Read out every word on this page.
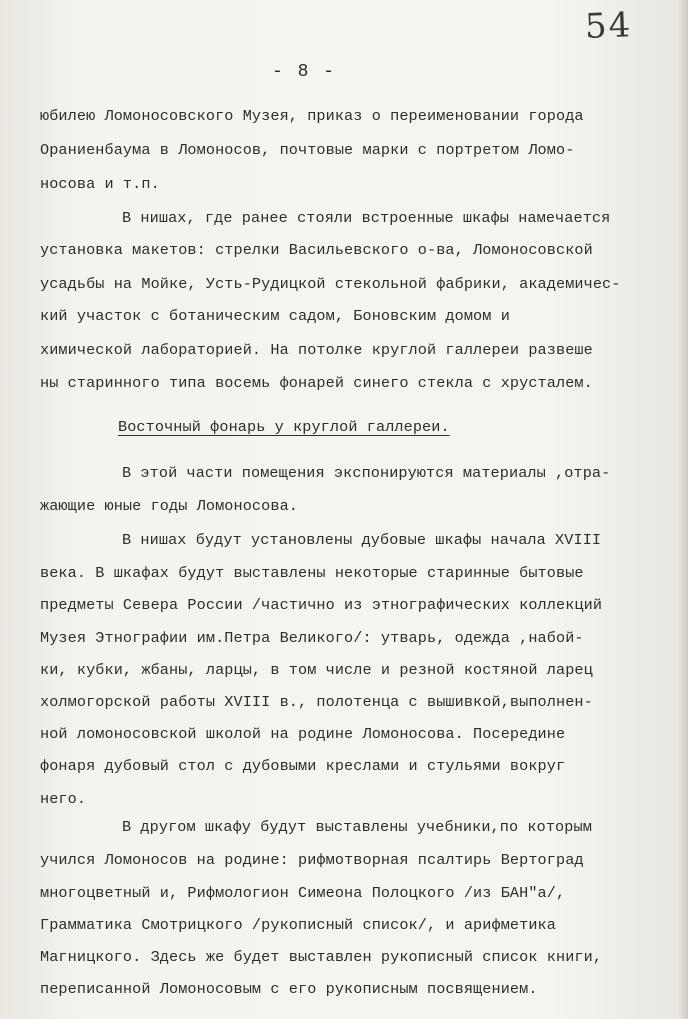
54
- 8 -
юбилею Ломоносовского Музея, приказ о переименовании города
Ораниенбаума в Ломоносов, почтовые марки с портретом Ломо-
носова и т.п.
В нишах, где ранее стояли встроенные шкафы намечается
установка макетов: стрелки Васильевского о-ва, Ломоносовской
усадьбы на Мойке, Усть-Рудицкой стекольной фабрики, академичес-
кий участок с ботаническим садом, Боновским домом и
химической лабораторией. На потолке круглой галлереи развеше
ны старинного типа восемь фонарей синего стекла с хрусталем.
Восточный фонарь у круглой галлереи.
В этой части помещения экспонируются материалы ,отра-
жающие юные годы Ломоносова.
В нишах будут установлены дубовые шкафы начала XVIII
века. В шкафах будут выставлены некоторые старинные бытовые
предметы Севера России /частично из этнографических коллекций
Музея Этнографии им.Петра Великого/: утварь, одежда ,набой-
ки, кубки, жбаны, ларцы, в том числе и резной костяной ларец
холмогорской работы XVIII в., полотенца с вышивкой,выполнен-
ной ломоносовской школой на родине Ломоносова. Посередине
фонаря дубовый стол с дубовыми креслами и стульями вокруг
него.
В другом шкафу будут выставлены учебники,по которым
учился Ломоносов на родине: рифмотворная псалтирь Вертоград
многоцветный и, Рифмологион Симеона Полоцкого /из БАН"а/,
Грамматика Смотрицкого /рукописный список/, и арифметика
Магницкого. Здесь же будет выставлен рукописный список книги,
переписанной Ломоносовым с его рукописным посвящением.
